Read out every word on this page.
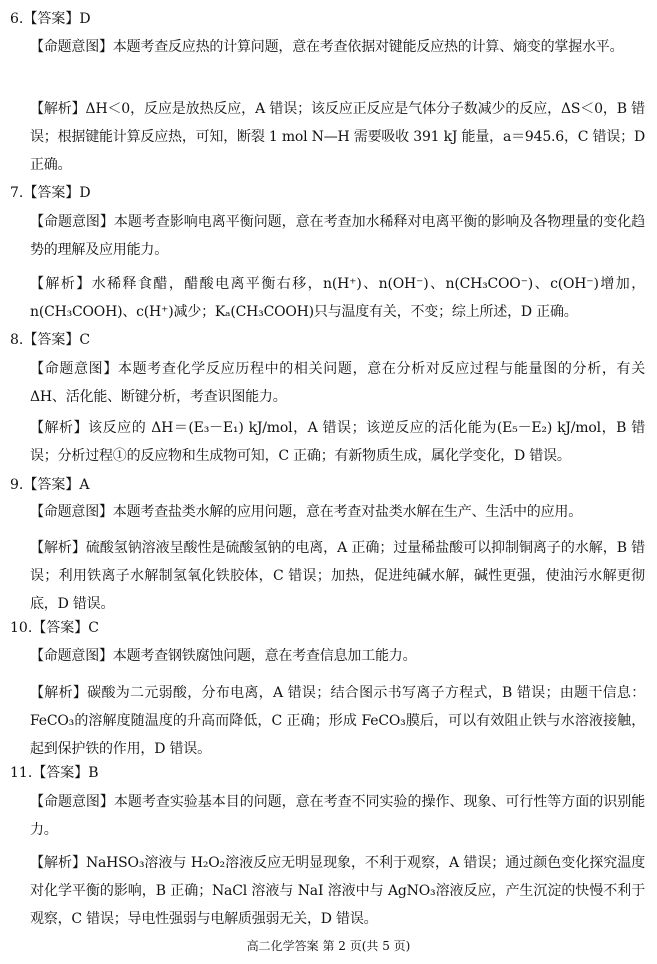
6.【答案】D
【命题意图】本题考查反应热的计算问题，意在考查依据对键能反应热的计算、熵变的掌握水平。
【解析】ΔH＜0，反应是放热反应，A 错误；该反应正反应是气体分子数减少的反应，ΔS＜0，B 错误；根据键能计算反应热，可知，断裂 1 mol N—H 需要吸收 391 kJ 能量，a＝945.6，C 错误；D 正确。
7.【答案】D
【命题意图】本题考查影响电离平衡问题，意在考查加水稀释对电离平衡的影响及各物理量的变化趋势的理解及应用能力。
【解析】水稀释食醋，醋酸电离平衡右移，n(H⁺)、n(OH⁻)、n(CH₃COO⁻)、c(OH⁻)增加，n(CH₃COOH)、c(H⁺)减少；Kₐ(CH₃COOH)只与温度有关，不变；综上所述，D 正确。
8.【答案】C
【命题意图】本题考查化学反应历程中的相关问题，意在分析对反应过程与能量图的分析，有关 ΔH、活化能、断键分析，考查识图能力。
【解析】该反应的 ΔH＝(E₃－E₁) kJ/mol，A 错误；该逆反应的活化能为(E₅－E₂) kJ/mol，B 错误；分析过程①的反应物和生成物可知，C 正确；有新物质生成，属化学变化，D 错误。
9.【答案】A
【命题意图】本题考查盐类水解的应用问题，意在考查对盐类水解在生产、生活中的应用。
【解析】硫酸氢钠溶液呈酸性是硫酸氢钠的电离，A 正确；过量稀盐酸可以抑制铜离子的水解，B 错误；利用铁离子水解制氢氧化铁胶体，C 错误；加热，促进纯碱水解，碱性更强，使油污水解更彻底，D 错误。
10.【答案】C
【命题意图】本题考查钢铁腐蚀问题，意在考查信息加工能力。
【解析】碳酸为二元弱酸，分布电离，A 错误；结合图示书写离子方程式，B 错误；由题干信息：FeCO₃的溶解度随温度的升高而降低，C 正确；形成 FeCO₃膜后，可以有效阻止铁与水溶液接触，起到保护铁的作用，D 错误。
11.【答案】B
【命题意图】本题考查实验基本目的问题，意在考查不同实验的操作、现象、可行性等方面的识别能力。
【解析】NaHSO₃溶液与 H₂O₂溶液反应无明显现象，不利于观察，A 错误；通过颜色变化探究温度对化学平衡的影响，B 正确；NaCl 溶液与 NaI 溶液中与 AgNO₃溶液反应，产生沉淀的快慢不利于观察，C 错误；导电性强弱与电解质强弱无关，D 错误。
高二化学答案 第 2 页(共 5 页)
